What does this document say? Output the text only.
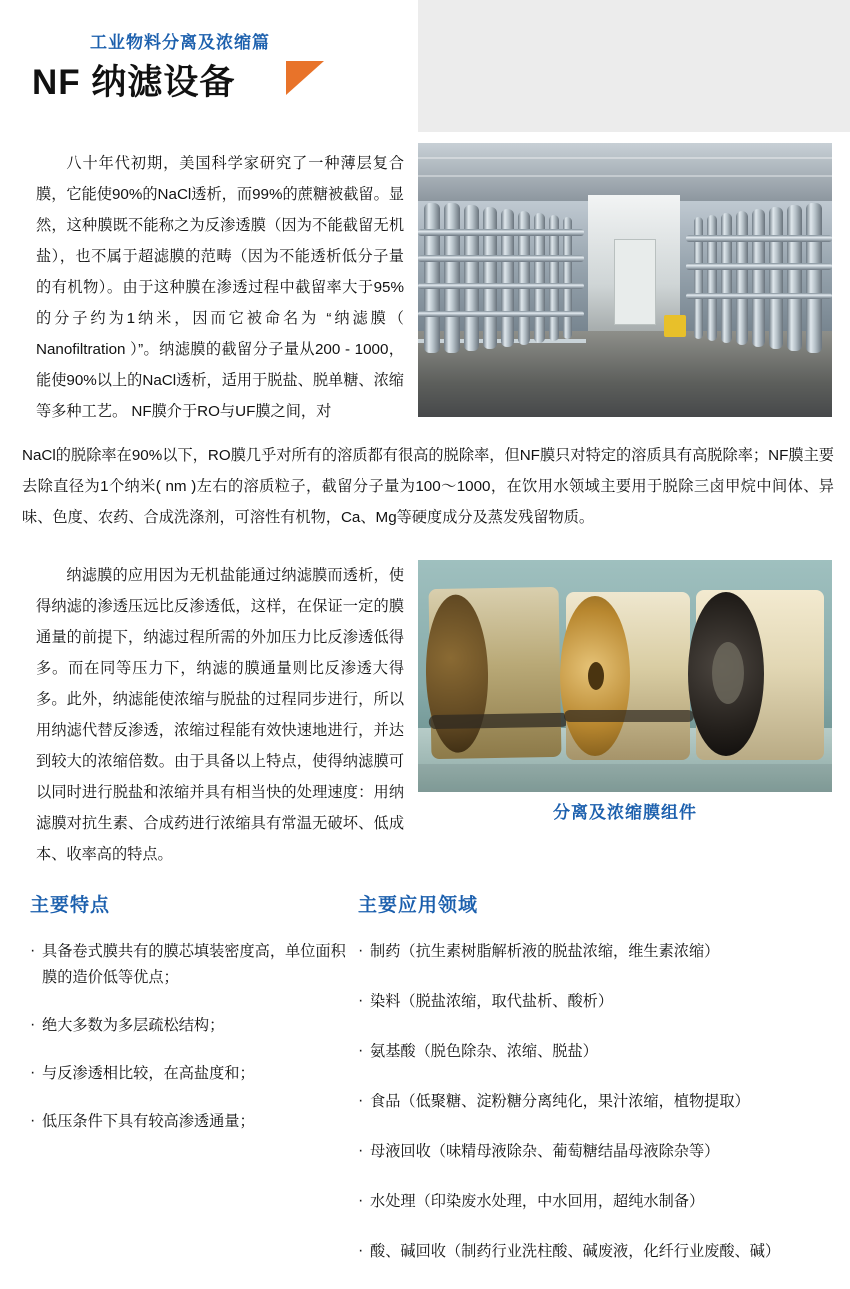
工业物料分离及浓缩篇
NF 纳滤设备
八十年代初期，美国科学家研究了一种薄层复合膜，它能使90%的NaCl透析，而99%的蔗糖被截留。显然，这种膜既不能称之为反渗透膜（因为不能截留无机盐），也不属于超滤膜的范畴（因为不能透析低分子量的有机物）。由于这种膜在渗透过程中截留率大于95%的分子约为1纳米，因而它被命名为 “纳滤膜（ Nanofiltration ）”。纳滤膜的截留分子量从200 - 1000，能使90%以上的NaCl透析，适用于脱盐、脱单糖、浓缩等多种工艺。 NF膜介于RO与UF膜之间，对
NaCl的脱除率在90%以下，RO膜几乎对所有的溶质都有很高的脱除率，但NF膜只对特定的溶质具有高脱除率；NF膜主要去除直径为1个纳米( nm )左右的溶质粒子，截留分子量为100～1000，在饮用水领域主要用于脱除三卤甲烷中间体、异味、色度、农药、合成洗涤剂，可溶性有机物，Ca、Mg等硬度成分及蒸发残留物质。
纳滤膜的应用因为无机盐能通过纳滤膜而透析，使得纳滤的渗透压远比反渗透低，这样，在保证一定的膜通量的前提下，纳滤过程所需的外加压力比反渗透低得多。而在同等压力下，纳滤的膜通量则比反渗透大得多。此外，纳滤能使浓缩与脱盐的过程同步进行，所以用纳滤代替反渗透，浓缩过程能有效快速地进行，并达到较大的浓缩倍数。由于具备以上特点，使得纳滤膜可以同时进行脱盐和浓缩并具有相当快的处理速度：用纳滤膜对抗生素、合成药进行浓缩具有常温无破坏、低成本、收率高的特点。
分离及浓缩膜组件
主要特点
· 具备卷式膜共有的膜芯填装密度高，单位面积膜的造价低等优点；
· 绝大多数为多层疏松结构；
· 与反渗透相比较，在高盐度和；
· 低压条件下具有较高渗透通量；
主要应用领域
· 制药（抗生素树脂解析液的脱盐浓缩，维生素浓缩）
· 染料（脱盐浓缩，取代盐析、酸析）
· 氨基酸（脱色除杂、浓缩、脱盐）
· 食品（低聚糖、淀粉糖分离纯化，果汁浓缩，植物提取）
· 母液回收（味精母液除杂、葡萄糖结晶母液除杂等）
· 水处理（印染废水处理，中水回用，超纯水制备）
· 酸、碱回收（制药行业洗柱酸、碱废液，化纤行业废酸、碱）
